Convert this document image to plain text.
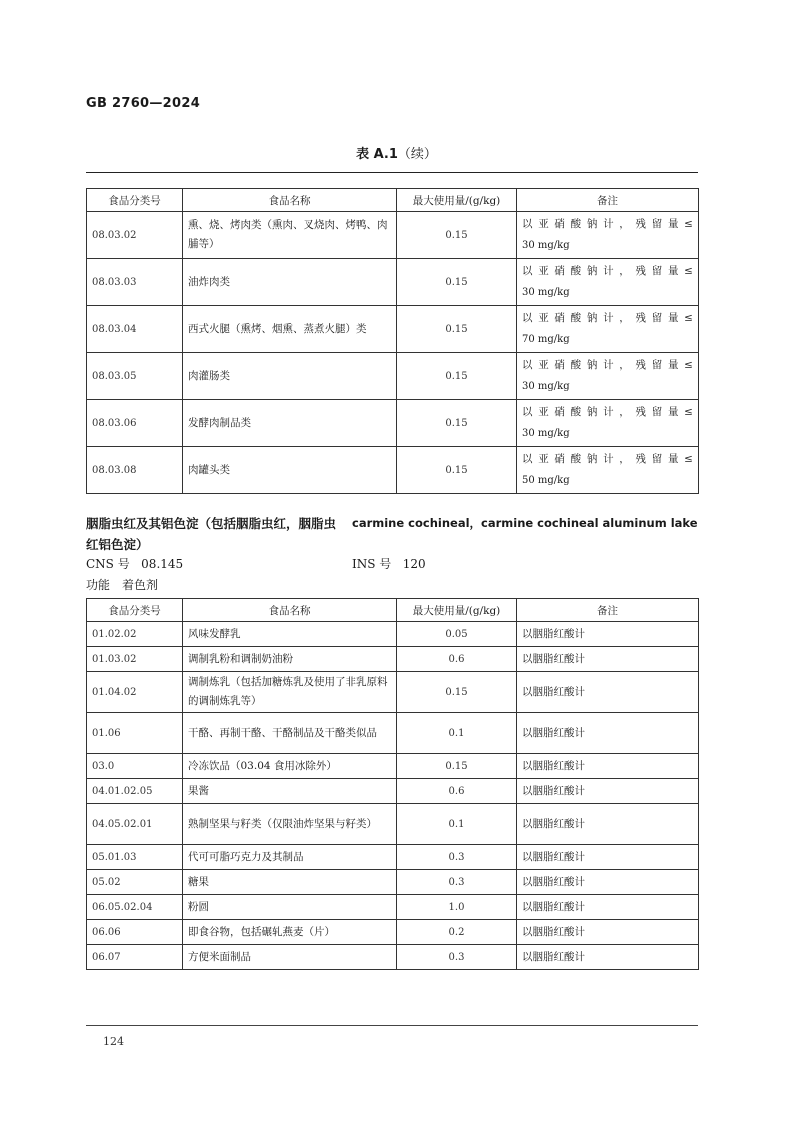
GB 2760—2024
表 A.1（续）
食品分类号	食品名称	最大使用量/(g/kg)	备注
08.03.02	熏、烧、烤肉类（熏肉、叉烧肉、烤鸭、肉脯等）	0.15	以亚硝酸钠计，残留量≤
30 mg/kg

08.03.03	油炸肉类	0.15	以亚硝酸钠计，残留量≤
30 mg/kg

08.03.04	西式火腿（熏烤、烟熏、蒸煮火腿）类	0.15	以亚硝酸钠计，残留量≤
70 mg/kg

08.03.05	肉灌肠类	0.15	以亚硝酸钠计，残留量≤
30 mg/kg

08.03.06	发酵肉制品类	0.15	以亚硝酸钠计，残留量≤
30 mg/kg

08.03.08	肉罐头类	0.15	以亚硝酸钠计，残留量≤
50 mg/kg
胭脂虫红及其铝色淀（包括胭脂虫红，胭脂虫红铝色淀）
carmine cochineal，carmine cochineal aluminum lake
CNS 号 08.145	INS 号 120
功能 着色剂
食品分类号	食品名称	最大使用量/(g/kg)	备注
01.02.02	风味发酵乳	0.05	以胭脂红酸计
01.03.02	调制乳粉和调制奶油粉	0.6	以胭脂红酸计
01.04.02	调制炼乳（包括加糖炼乳及使用了非乳原料的调制炼乳等）	0.15	以胭脂红酸计
01.06	干酪、再制干酪、干酪制品及干酪类似品	0.1	以胭脂红酸计
03.0	冷冻饮品（03.04 食用冰除外）	0.15	以胭脂红酸计
04.01.02.05	果酱	0.6	以胭脂红酸计
04.05.02.01	熟制坚果与籽类（仅限油炸坚果与籽类）	0.1	以胭脂红酸计
05.01.03	代可可脂巧克力及其制品	0.3	以胭脂红酸计
05.02	糖果	0.3	以胭脂红酸计
06.05.02.04	粉圆	1.0	以胭脂红酸计
06.06	即食谷物，包括碾轧燕麦（片）	0.2	以胭脂红酸计
06.07	方便米面制品	0.3	以胭脂红酸计
124
